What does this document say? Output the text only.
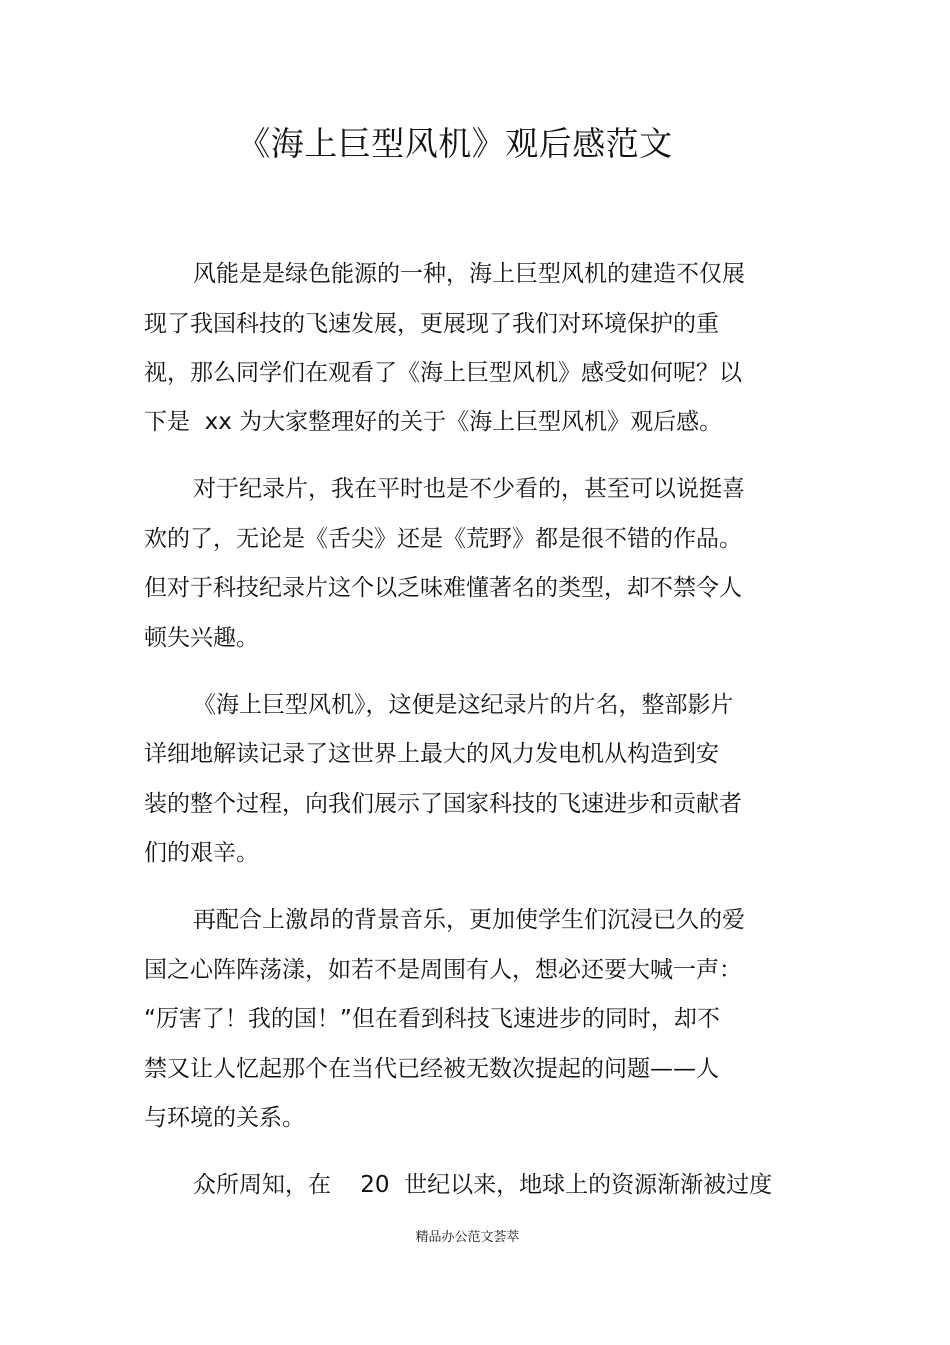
《海上巨型风机》观后感范文

风能是是绿色能源的一种，海上巨型风机的建造不仅展

现了我国科技的飞速发展，更展现了我们对环境保护的重

视，那么同学们在观看了《海上巨型风机》感受如何呢？以

下是  xx 为大家整理好的关于《海上巨型风机》观后感。

对于纪录片，我在平时也是不少看的，甚至可以说挺喜

欢的了，无论是《舌尖》还是《荒野》都是很不错的作品。

但对于科技纪录片这个以乏味难懂著名的类型，却不禁令人

顿失兴趣。

《海上巨型风机》，这便是这纪录片的片名，整部影片

详细地解读记录了这世界上最大的风力发电机从构造到安

装的整个过程，向我们展示了国家科技的飞速进步和贡献者

们的艰辛。

再配合上激昂的背景音乐，更加使学生们沉浸已久的爱

国之心阵阵荡漾，如若不是周围有人，想必还要大喊一声：

“厉害了！我的国！”但在看到科技飞速进步的同时，却不

禁又让人忆起那个在当代已经被无数次提起的问题——人

与环境的关系。

众所周知，在    20  世纪以来，地球上的资源渐渐被过度

精品办公范文荟萃
